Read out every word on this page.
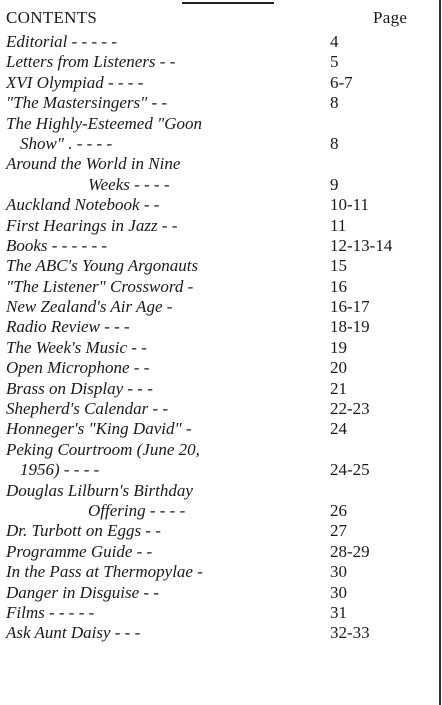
CONTENTS	Page
Editorial - - - - -	4
Letters from Listeners - -	5
XVI Olympiad - - - -	6-7
"The Mastersingers" - -	8
The Highly-Esteemed "Goon
Show" . - - - -	8
Around the World in Nine
Weeks - - - -	9
Auckland Notebook - -	10-11
First Hearings in Jazz - -	11
Books - - - - - -	12-13-14
The ABC's Young Argonauts	15
"The Listener" Crossword -	16
New Zealand's Air Age -	16-17
Radio Review - - -	18-19
The Week's Music - -	19
Open Microphone - -	20
Brass on Display - - -	21
Shepherd's Calendar - -	22-23
Honneger's "King David" -	24
Peking Courtroom (June 20,
1956) - - - -	24-25
Douglas Lilburn's Birthday
Offering - - - -	26
Dr. Turbott on Eggs - -	27
Programme Guide - -	28-29
In the Pass at Thermopylae -	30
Danger in Disguise - -	30
Films - - - - -	31
Ask Aunt Daisy - - -	32-33
